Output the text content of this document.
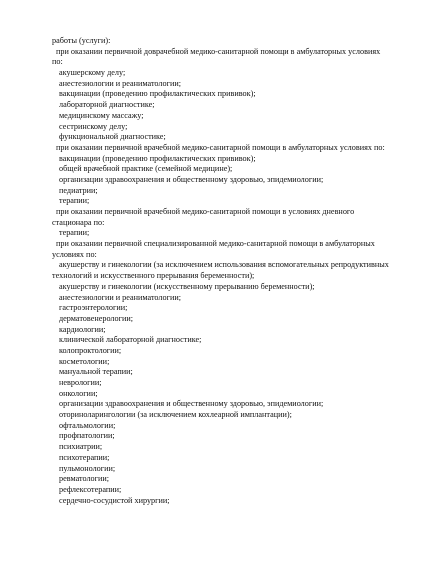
работы (услуги):
при оказании первичной доврачебной медико-санитарной помощи в амбулаторных условиях
по:
акушерскому делу;
анестезиологии и реаниматологии;
вакцинации (проведению профилактических прививок);
лабораторной диагностике;
медицинскому массажу;
сестринскому делу;
функциональной диагностике;
при оказании первичной врачебной медико-санитарной помощи в амбулаторных условиях по:
вакцинации (проведению профилактических прививок);
общей врачебной практике (семейной медицине);
организации здравоохранения и общественному здоровью, эпидемиологии;
педиатрии;
терапии;
при оказании первичной врачебной медико-санитарной помощи в условиях дневного
стационара по:
терапии;
при оказании первичной специализированной медико-санитарной помощи в амбулаторных
условиях по:
акушерству и гинекологии (за исключением использования вспомогательных репродуктивных
технологий и искусственного прерывания беременности);
акушерству и гинекологии (искусственному прерыванию беременности);
анестезиологии и реаниматологии;
гастроэнтерологии;
дерматовенерологии;
кардиологии;
клинической лабораторной диагностике;
колопроктологии;
косметологии;
мануальной терапии;
неврологии;
онкологии;
организации здравоохранения и общественному здоровью, эпидемиологии;
оториноларингологии (за исключением кохлеарной имплантации);
офтальмологии;
профпатологии;
психиатрии;
психотерапии;
пульмонологии;
ревматологии;
рефлексотерапии;
сердечно-сосудистой хирургии;
